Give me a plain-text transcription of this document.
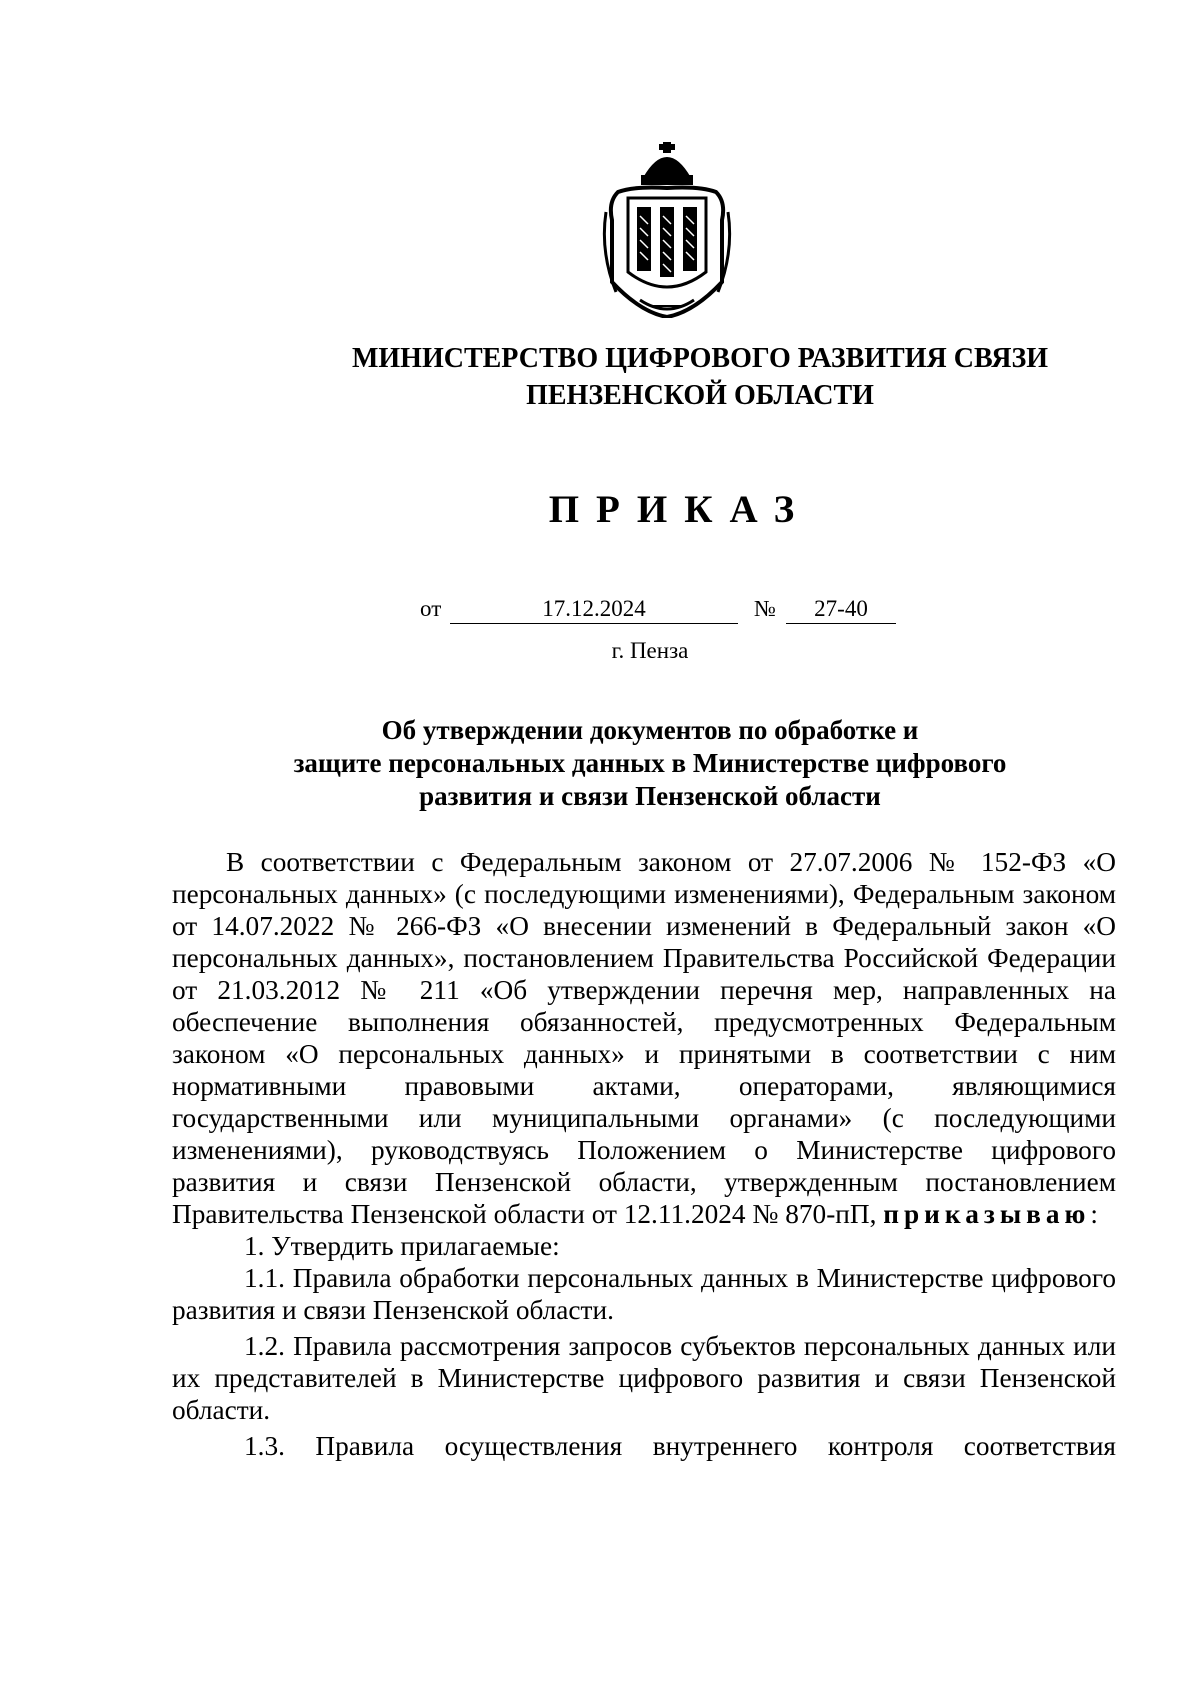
МИНИСТЕРСТВО ЦИФРОВОГО РАЗВИТИЯ СВЯЗИ
ПЕНЗЕНСКОЙ ОБЛАСТИ
ПРИКАЗ
от	17.12.2024	№	27-40
г. Пенза
Об утверждении документов по обработке и
защите персональных данных в Министерстве цифрового
развития и связи Пензенской области

В соответствии с Федеральным законом от 27.07.2006 № 152-ФЗ «О персональных данных» (с последующими изменениями), Федеральным законом от 14.07.2022 № 266-ФЗ «О внесении изменений в Федеральный закон «О персональных данных», постановлением Правительства Российской Федерации от 21.03.2012 № 211 «Об утверждении перечня мер, направленных на обеспечение выполнения обязанностей, предусмотренных Федеральным законом «О персональных данных» и принятыми в соответствии с ним нормативными правовыми актами, операторами, являющимися государственными или муниципальными органами» (с последующими изменениями), руководствуясь Положением о Министерстве цифрового развития и связи Пензенской области, утвержденным постановлением Правительства Пензенской области от 12.11.2024 № 870-пП, приказываю:

1. Утвердить прилагаемые:

1.1. Правила обработки персональных данных в Министерстве цифрового развития и связи Пензенской области.

1.2. Правила рассмотрения запросов субъектов персональных данных или их представителей в Министерстве цифрового развития и связи Пензенской области.

1.3. Правила осуществления внутреннего контроля соответствия
